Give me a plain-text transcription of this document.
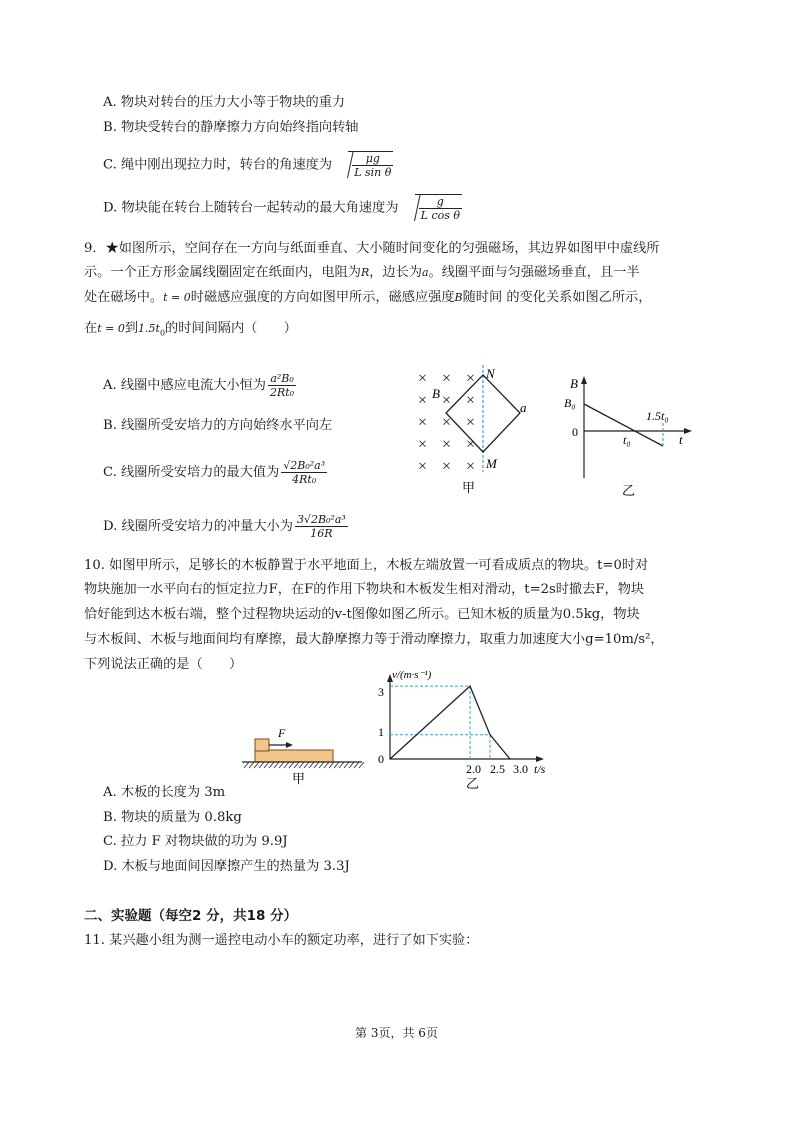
A. 物块对转台的压力大小等于物块的重力
B. 物块受转台的静摩擦力方向始终指向转轴
C. 绳中刚出现拉力时，转台的角速度为 $\frac{\mu g}{\text{L sin θ}}$
D. 物块能在转台上随转台一起转动的最大角速度为 $\frac{g}{\text{L cos θ}}$
9．★如图所示，空间存在一方向与纸面垂直、大小随时间变化的匀强磁场，其边界如图甲中虚线所
示。一个正方形金属线圈固定在纸面内，电阻为R，边长为a。线圈平面与匀强磁场垂直，且一半
处在磁场中。t = 0时磁感应强度的方向如图甲所示，磁感应强度B随时间 的变化关系如图乙所示，
在t = 0到$1.5t_0$的时间间隔内（　　）
A. 线圈中感应电流大小恒为 $\frac{\text{a²B₀}}{\text{2Rt₀}}$
B. 线圈所受安培力的方向始终水平向左
C. 线圈所受安培力的最大值为 $\frac{\text{√2B₀²a³}}{\text{4Rt₀}}$
D. 线圈所受安培力的冲量大小为 $\frac{\text{3√2B₀²a³}}{16R}$
× × ×
× × ×
× × ×
× × ×
× × ×
N
M
B
a
甲
B
B₀
0
t₀
1.5t₀
t
乙
10. 如图甲所示，足够长的木板静置于水平地面上，木板左端放置一可看成质点的物块。t=0时对
物块施加一水平向右的恒定拉力F，在F的作用下物块和木板发生相对滑动，t=2s时撤去F，物块
恰好能到达木板右端，整个过程物块运动的v-t图像如图乙所示。已知木板的质量为0.5kg，物块
与木板间、木板与地面间均有摩擦，最大静摩擦力等于滑动摩擦力，取重力加速度大小g=10m/s²，
下列说法正确的是（　　）
F
甲
v/(m·s⁻¹)
3
1
0
2.0 2.5 3.0 t/s
乙
A. 木板的长度为 3m
B. 物块的质量为 0.8kg
C. 拉力 F 对物块做的功为 9.9J
D. 木板与地面间因摩擦产生的热量为 3.3J
二、实验题（每空2 分，共18 分）
11. 某兴趣小组为测一遥控电动小车的额定功率，进行了如下实验：
第 3页，共 6页
